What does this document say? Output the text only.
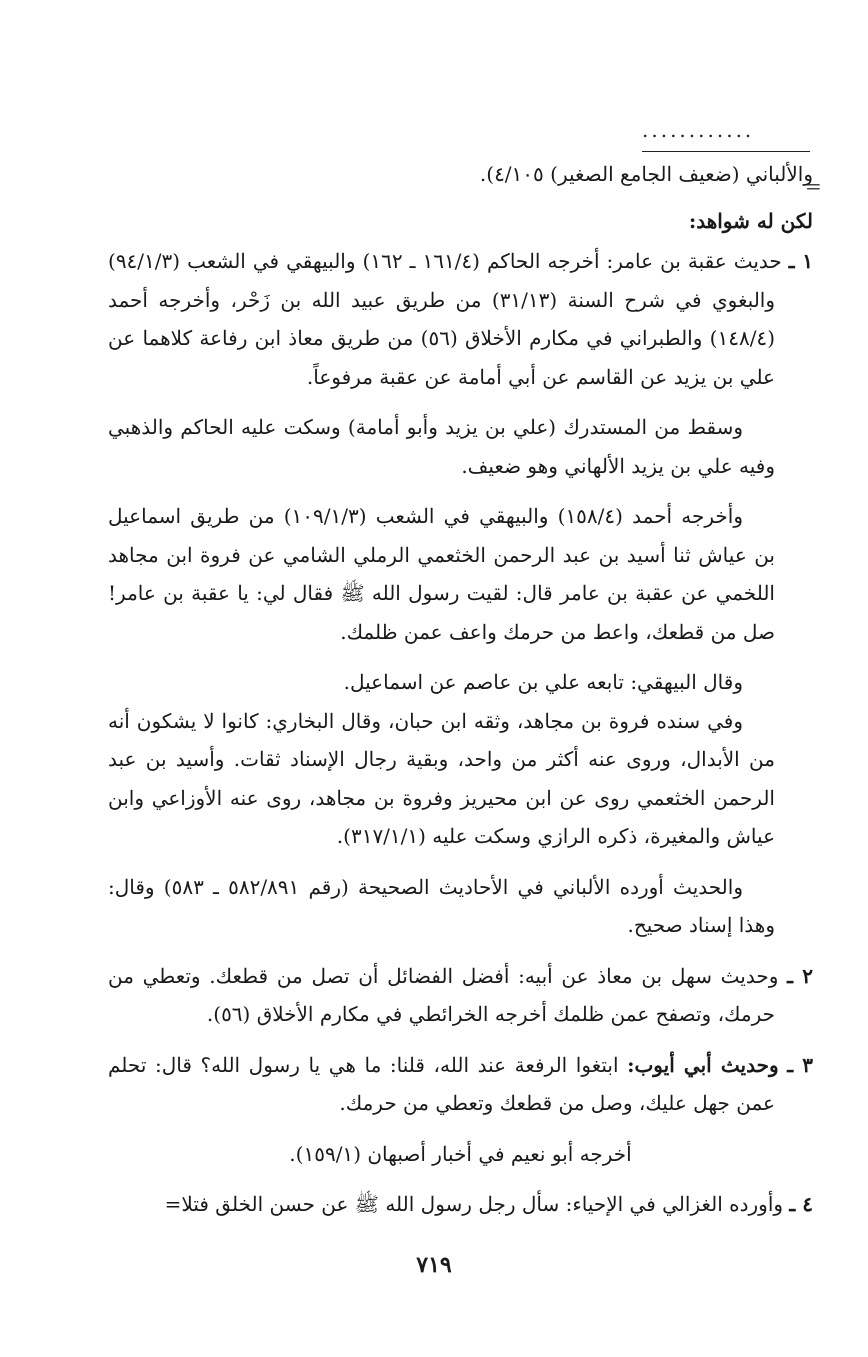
............
=

والألباني (ضعيف الجامع الصغير) ٤/١٠٥).

لكن له شواهد:

١ ـ حديث عقبة بن عامر: أخرجه الحاكم (١٦١/٤ ـ ١٦٢) والبيهقي في الشعب (٩٤/١/٣) والبغوي في شرح السنة (٣١/١٣) من طريق عبيد الله بن زَحْر، وأخرجه أحمد (١٤٨/٤) والطبراني في مكارم الأخلاق (٥٦) من طريق معاذ ابن رفاعة كلاهما عن علي بن يزيد عن القاسم عن أبي أمامة عن عقبة مرفوعاً.

وسقط من المستدرك (علي بن يزيد وأبو أمامة) وسكت عليه الحاكم والذهبي وفيه علي بن يزيد الألهاني وهو ضعيف.

وأخرجه أحمد (١٥٨/٤) والبيهقي في الشعب (١٠٩/١/٣) من طريق اسماعيل بن عياش ثنا أسيد بن عبد الرحمن الخثعمي الرملي الشامي عن فروة ابن مجاهد اللخمي عن عقبة بن عامر قال: لقيت رسول الله ﷺ فقال لي: يا عقبة بن عامر! صل من قطعك، واعط من حرمك واعف عمن ظلمك.

وقال البيهقي: تابعه علي بن عاصم عن اسماعيل.

وفي سنده فروة بن مجاهد، وثقه ابن حبان، وقال البخاري: كانوا لا يشكون أنه من الأبدال، وروى عنه أكثر من واحد، وبقية رجال الإسناد ثقات. وأسيد بن عبد الرحمن الخثعمي روى عن ابن محيريز وفروة بن مجاهد، روى عنه الأوزاعي وابن عياش والمغيرة، ذكره الرازي وسكت عليه (٣١٧/١/١).

والحديث أورده الألباني في الأحاديث الصحيحة (رقم ٥٨٢/٨٩١ ـ ٥٨٣) وقال: وهذا إسناد صحيح.

٢ ـ وحديث سهل بن معاذ عن أبيه: أفضل الفضائل أن تصل من قطعك. وتعطي من حرمك، وتصفح عمن ظلمك أخرجه الخرائطي في مكارم الأخلاق (٥٦).

٣ ـ وحديث أبي أيوب: ابتغوا الرفعة عند الله، قلنا: ما هي يا رسول الله؟ قال: تحلم عمن جهل عليك، وصل من قطعك وتعطي من حرمك.

أخرجه أبو نعيم في أخبار أصبهان (١٥٩/١).

٤ ـ وأورده الغزالي في الإحياء: سأل رجل رسول الله ﷺ عن حسن الخلق فتلا=

٧١٩
